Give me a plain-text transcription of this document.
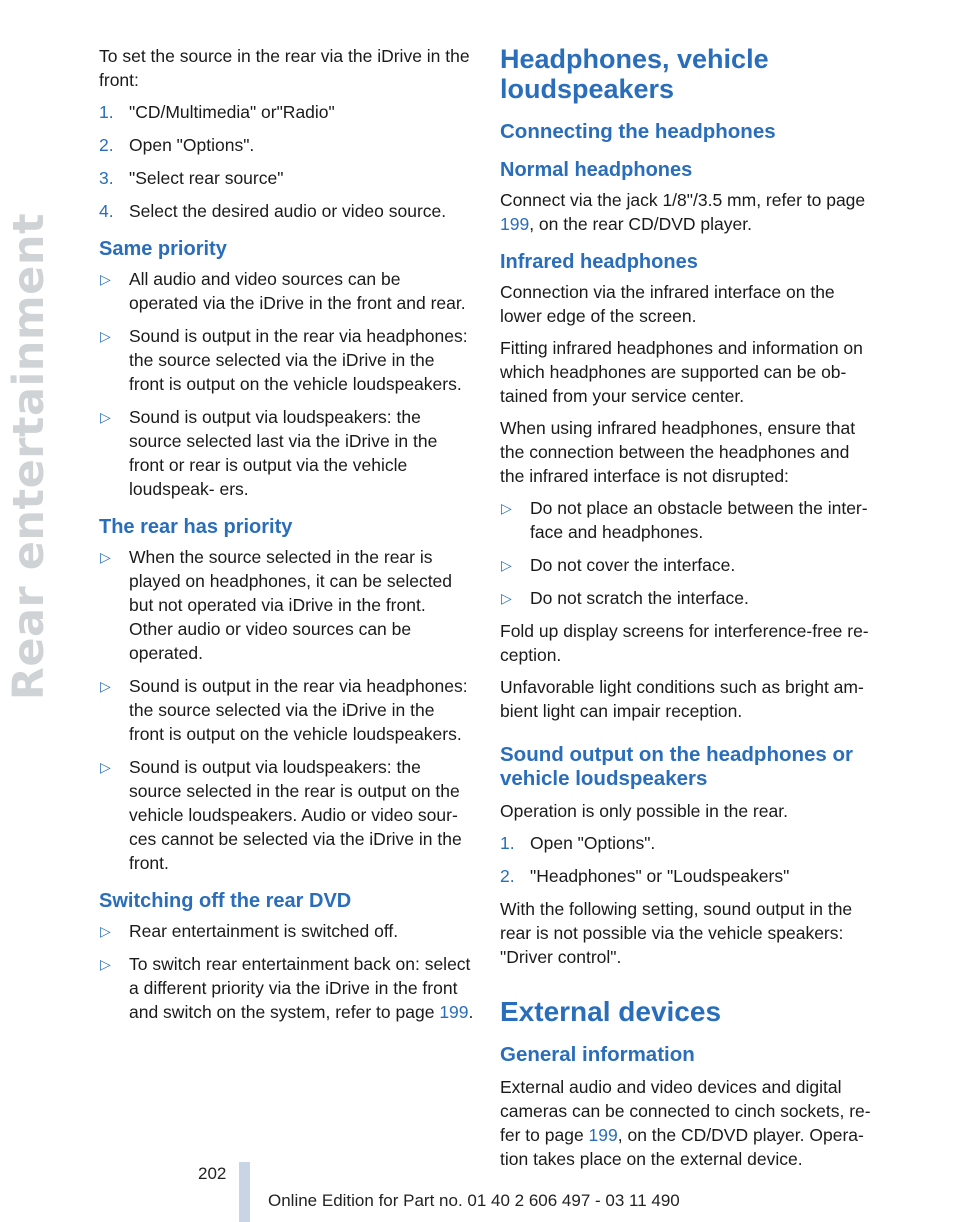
Rear entertainment

To set the source in the rear via the iDrive in the front:

1. "CD/Multimedia" or"Radio"
2. Open "Options".
3. "Select rear source"
4. Select the desired audio or video source.
Same priority
▷ All audio and video sources can be operated via the iDrive in the front and rear.
▷ Sound is output in the rear via headphones: the source selected via the iDrive in the front is output on the vehicle loudspeakers.
▷ Sound is output via loudspeakers: the source selected last via the iDrive in the front or rear is output via the vehicle loudspeak‐ ers.
The rear has priority
▷ When the source selected in the rear is played on headphones, it can be selected but not operated via iDrive in the front. Other audio or video sources can be operated.
▷ Sound is output in the rear via headphones: the source selected via the iDrive in the front is output on the vehicle loudspeakers.
▷ Sound is output via loudspeakers: the source selected in the rear is output on the vehicle loudspeakers. Audio or video sour‐ ces cannot be selected via the iDrive in the front.
Switching off the rear DVD
▷ Rear entertainment is switched off.
▷ To switch rear entertainment back on: select a different priority via the iDrive in the front and switch on the system, refer to page 199.
Headphones, vehicle loudspeakers
Connecting the headphones
Normal headphones

Connect via the jack 1/8"/3.5 mm, refer to page 199, on the rear CD/DVD player.

Infrared headphones

Connection via the infrared interface on the lower edge of the screen.

Fitting infrared headphones and information on which headphones are supported can be ob‐ tained from your service center.

When using infrared headphones, ensure that the connection between the headphones and the infrared interface is not disrupted:

▷ Do not place an obstacle between the inter‐ face and headphones.
▷ Do not cover the interface.
▷ Do not scratch the interface.

Fold up display screens for interference-free re‐ ception.

Unfavorable light conditions such as bright am‐ bient light can impair reception.

Sound output on the headphones or vehicle loudspeakers

Operation is only possible in the rear.

1. Open "Options".
2. "Headphones" or "Loudspeakers"

With the following setting, sound output in the rear is not possible via the vehicle speakers: "Driver control".

External devices
General information

External audio and video devices and digital cameras can be connected to cinch sockets, re‐ fer to page 199, on the CD/DVD player. Opera‐ tion takes place on the external device.

202
Online Edition for Part no. 01 40 2 606 497 - 03 11 490
